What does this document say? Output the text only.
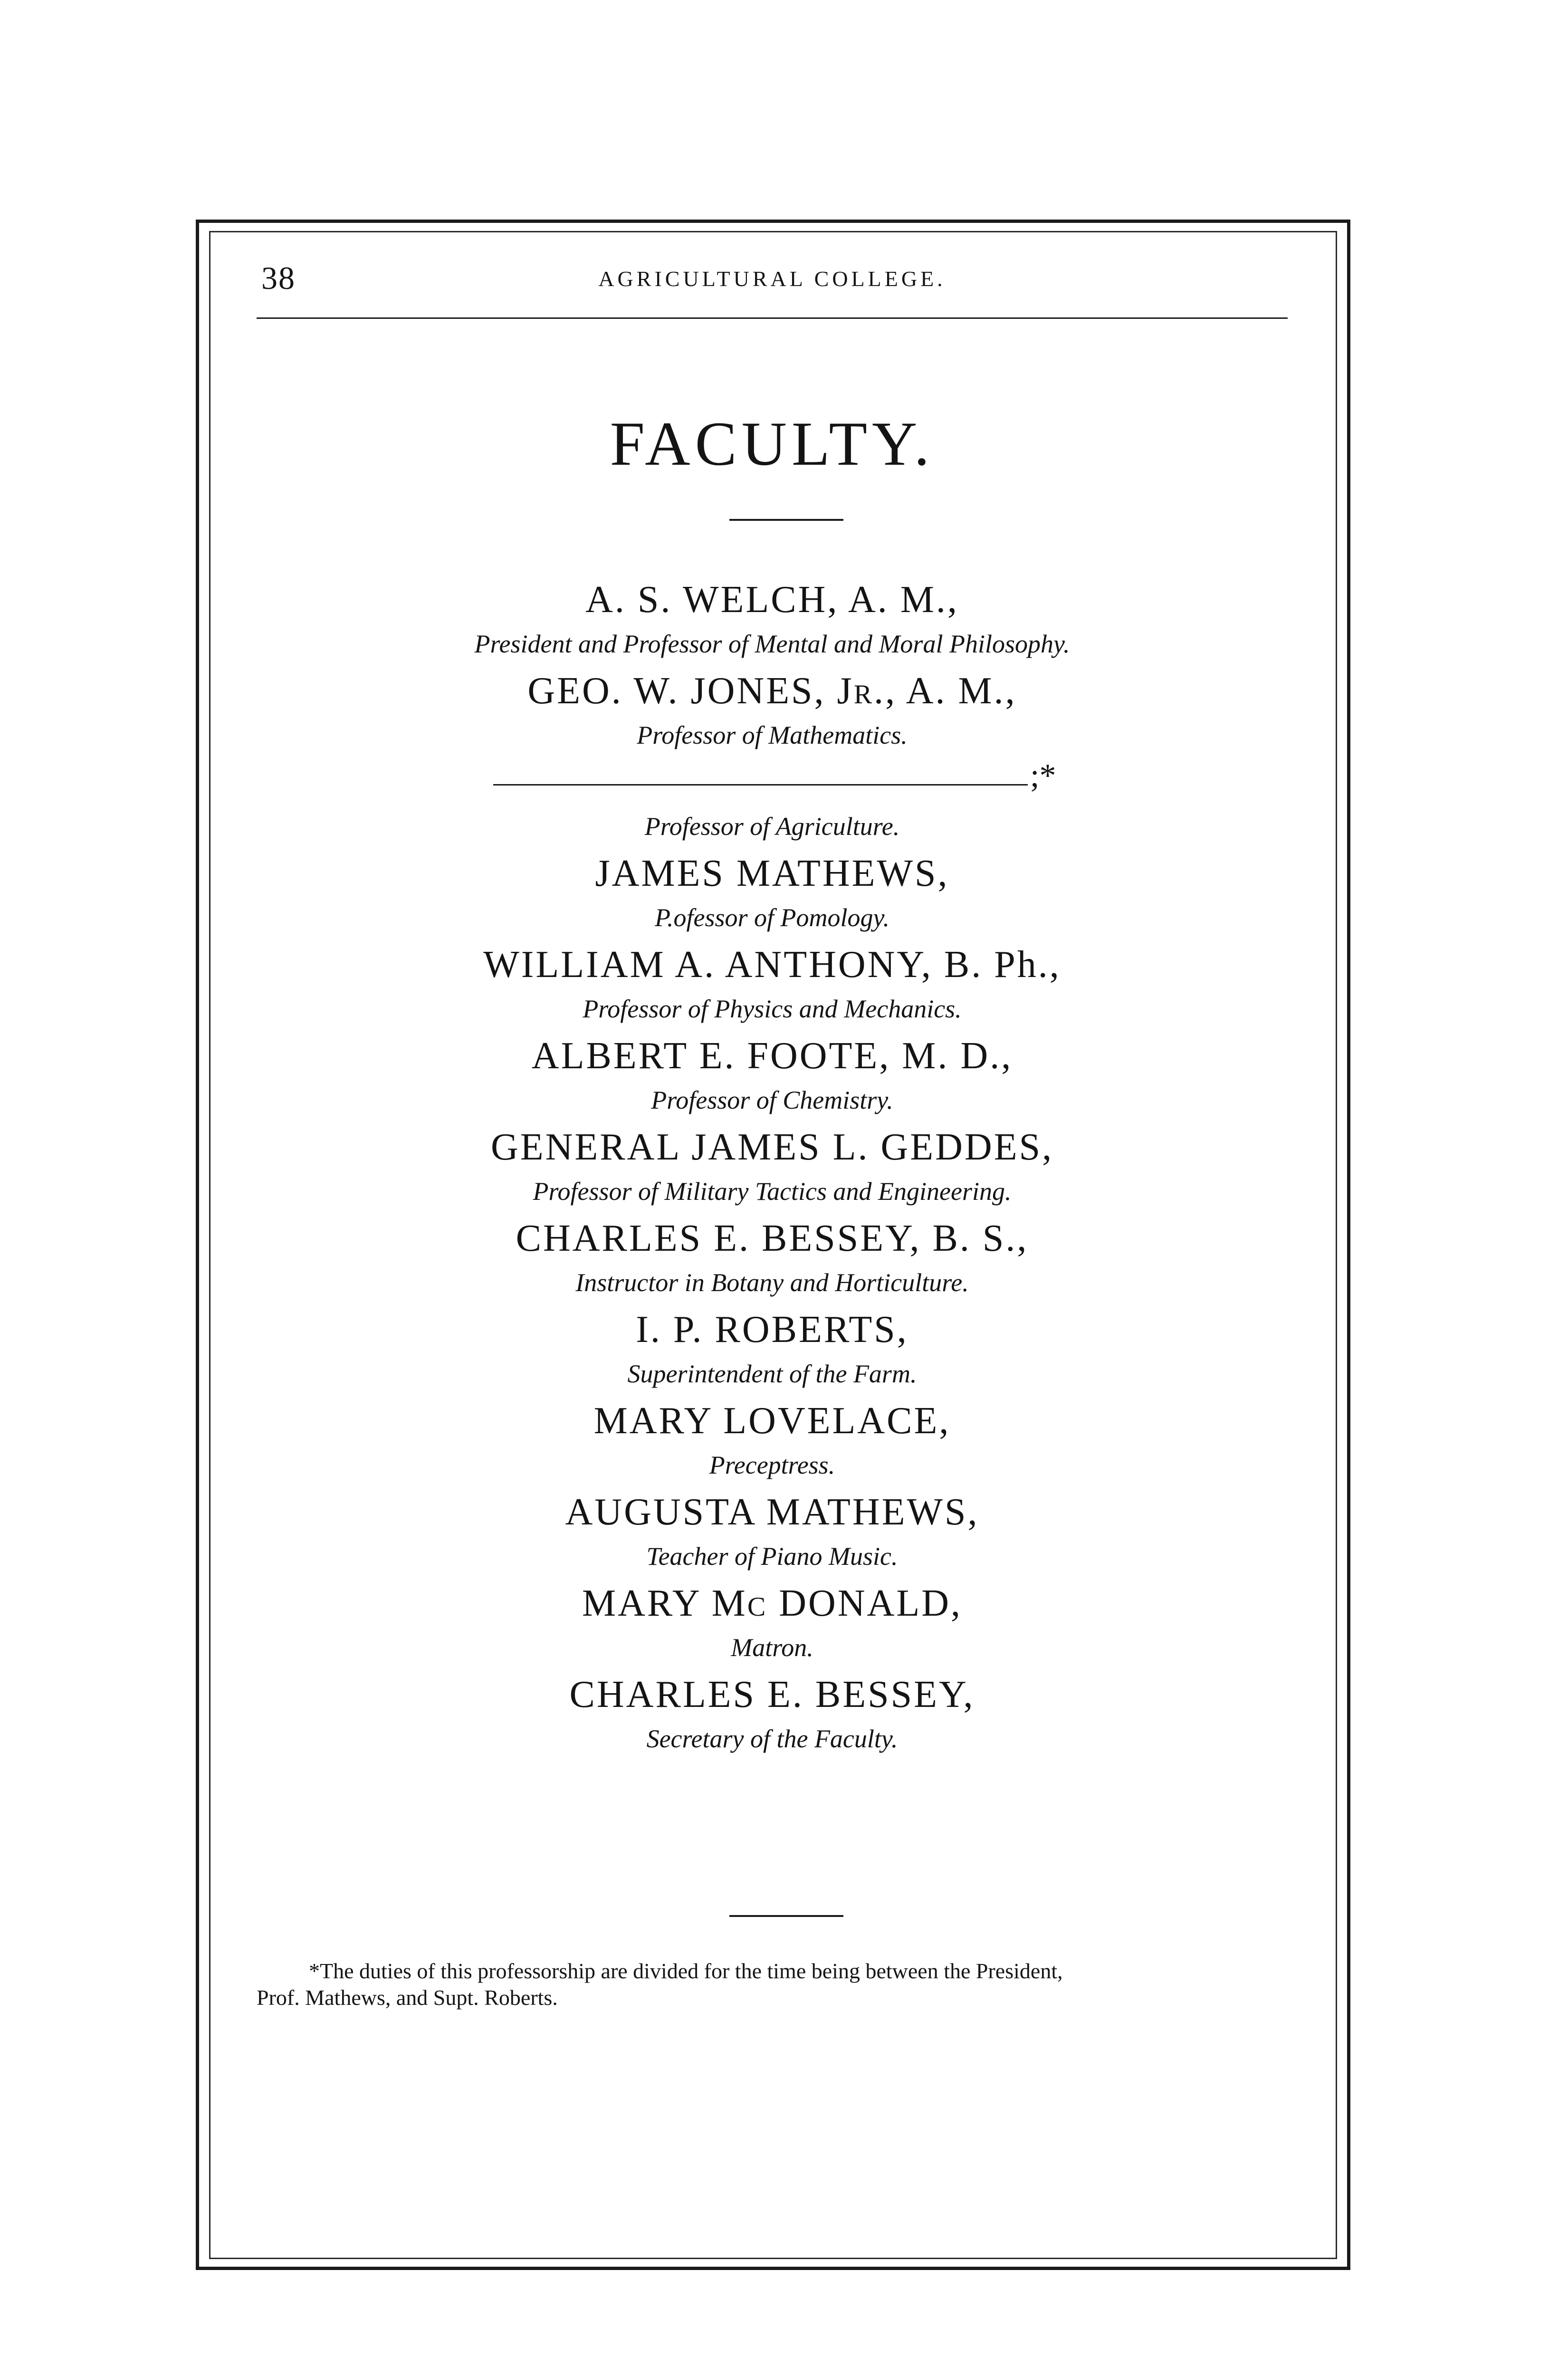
38	AGRICULTURAL COLLEGE.
FACULTY.
A. S. WELCH, A. M.,
President and Professor of Mental and Moral Philosophy.
GEO. W. JONES, JR., A. M.,
Professor of Mathematics.
;*
Professor of Agriculture.
JAMES MATHEWS,
P.ofessor of Pomology.
WILLIAM A. ANTHONY, B. Ph.,
Professor of Physics and Mechanics.
ALBERT E. FOOTE, M. D.,
Professor of Chemistry.
GENERAL JAMES L. GEDDES,
Professor of Military Tactics and Engineering.
CHARLES E. BESSEY, B. S.,
Instructor in Botany and Horticulture.
I. P. ROBERTS,
Superintendent of the Farm.
MARY LOVELACE,
Preceptress.
AUGUSTA MATHEWS,
Teacher of Piano Music.
MARY MC DONALD,
Matron.
CHARLES E. BESSEY,
Secretary of the Faculty.
*The duties of this professorship are divided for the time being between the President,
Prof. Mathews, and Supt. Roberts.
